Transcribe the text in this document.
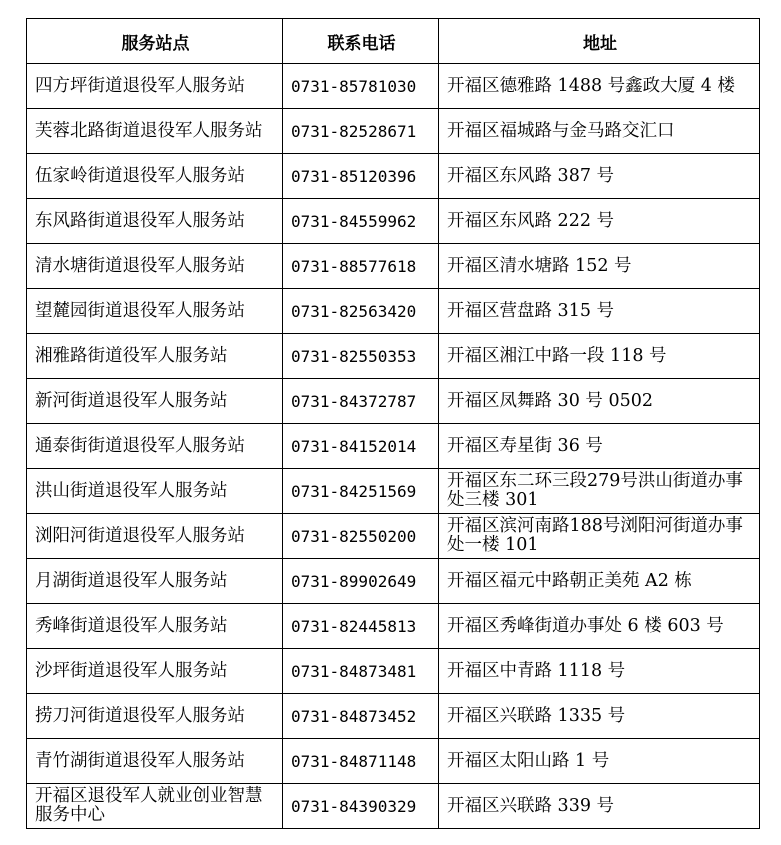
服务站点	联系电话	地址
四方坪街道退役军人服务站	0731-85781030	开福区德雅路 1488 号鑫政大厦 4 楼
芙蓉北路街道退役军人服务站	0731-82528671	开福区福城路与金马路交汇口
伍家岭街道退役军人服务站	0731-85120396	开福区东风路 387 号
东风路街道退役军人服务站	0731-84559962	开福区东风路 222 号
清水塘街道退役军人服务站	0731-88577618	开福区清水塘路 152 号
望麓园街道退役军人服务站	0731-82563420	开福区营盘路 315 号
湘雅路街道役军人服务站	0731-82550353	开福区湘江中路一段 118 号
新河街道退役军人服务站	0731-84372787	开福区凤舞路 30 号 0502
通泰街街道退役军人服务站	0731-84152014	开福区寿星街 36 号
洪山街道退役军人服务站	0731-84251569	开福区东二环三段279号洪山街道办事处三楼 301
浏阳河街道退役军人服务站	0731-82550200	开福区滨河南路188号浏阳河街道办事处一楼 101
月湖街道退役军人服务站	0731-89902649	开福区福元中路朝正美苑 A2 栋
秀峰街道退役军人服务站	0731-82445813	开福区秀峰街道办事处 6 楼 603 号
沙坪街道退役军人服务站	0731-84873481	开福区中青路 1118 号
捞刀河街道退役军人服务站	0731-84873452	开福区兴联路 1335 号
青竹湖街道退役军人服务站	0731-84871148	开福区太阳山路 1 号
开福区退役军人就业创业智慧服务中心	0731-84390329	开福区兴联路 339 号
